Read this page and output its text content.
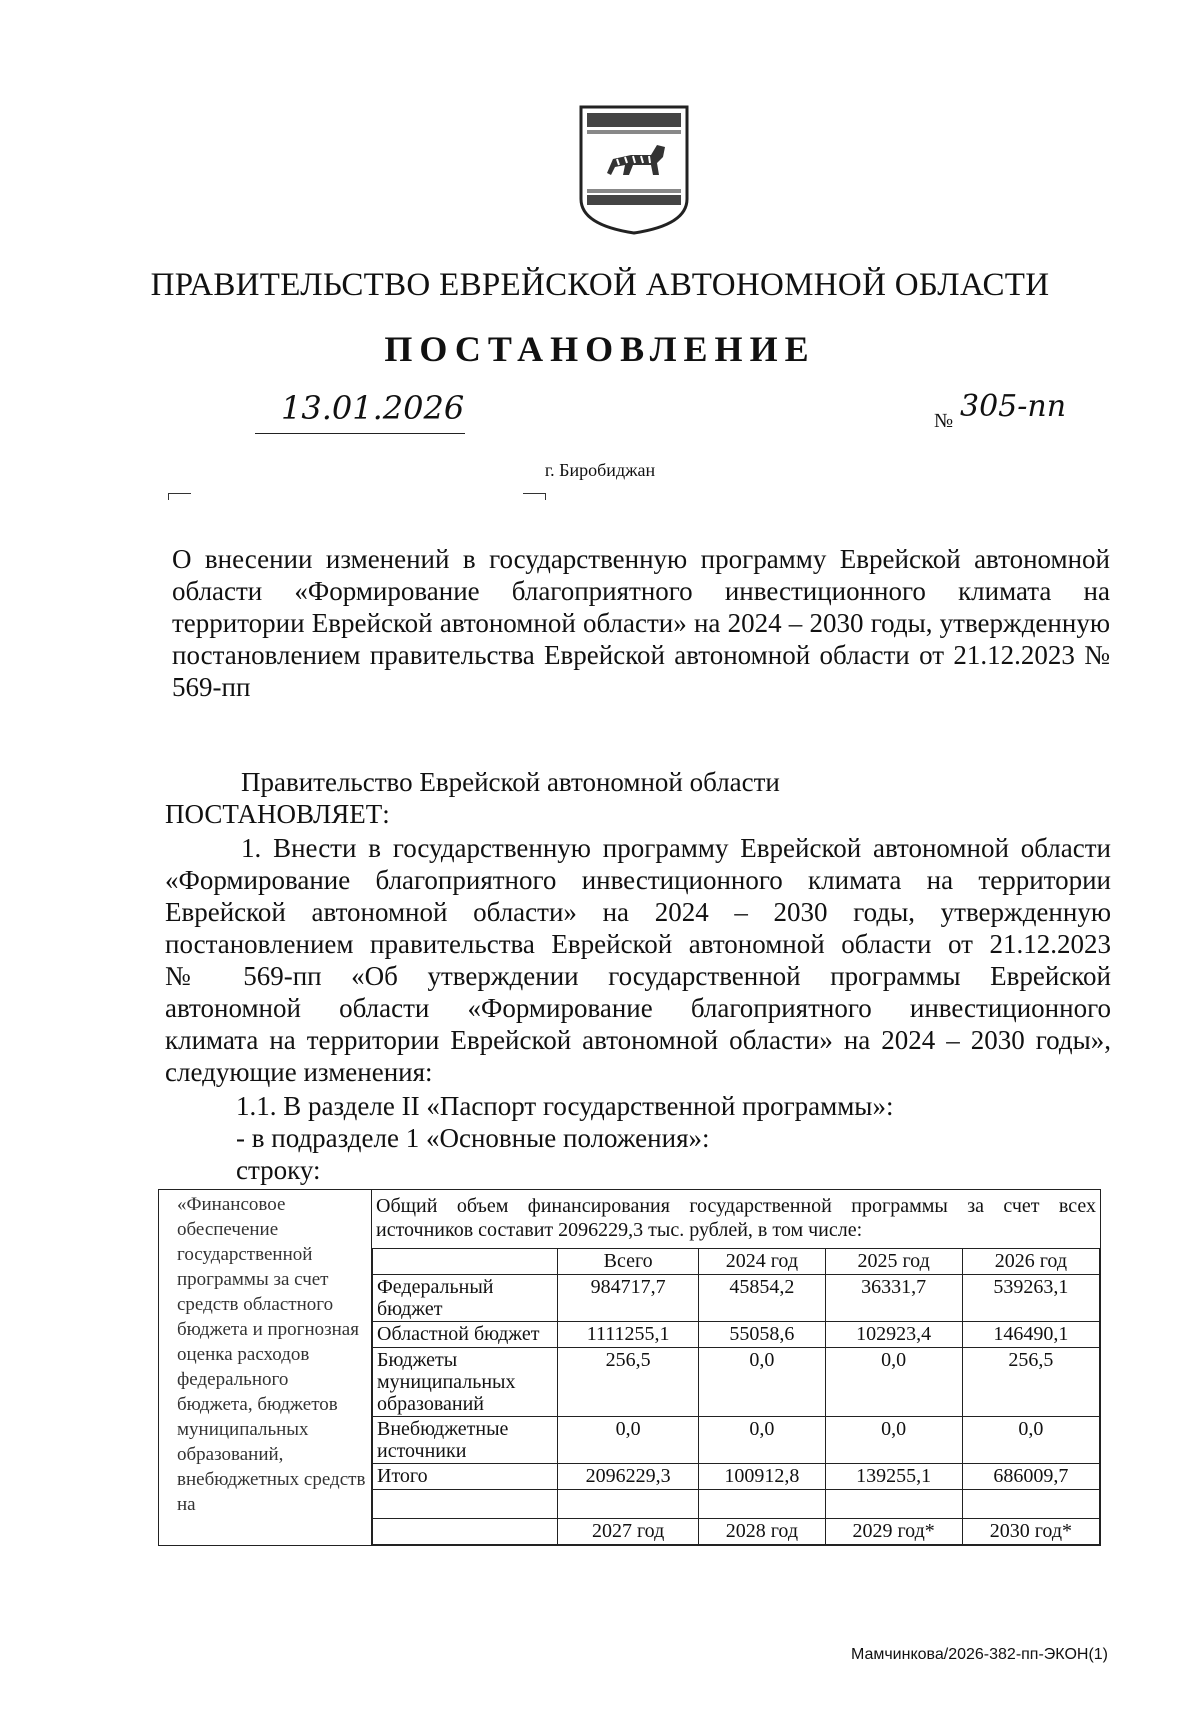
ПРАВИТЕЛЬСТВО ЕВРЕЙСКОЙ АВТОНОМНОЙ ОБЛАСТИ
ПОСТАНОВЛЕНИЕ
13.01.2026	№ 305-пп
г. Биробиджан
О внесении изменений в государственную программу Еврейской автономной области «Формирование благоприятного инвестиционного климата на территории Еврейской автономной области» на 2024 – 2030 годы, утвержденную постановлением правительства Еврейской автономной области от 21.12.2023 № 569-пп
Правительство Еврейской автономной области
ПОСТАНОВЛЯЕТ:
1. Внести в государственную программу Еврейской автономной области
«Формирование благоприятного инвестиционного климата на территории
Еврейской автономной области» на 2024 – 2030 годы, утвержденную
постановлением правительства Еврейской автономной области от 21.12.2023
№ 569-пп «Об утверждении государственной программы Еврейской
автономной области «Формирование благоприятного инвестиционного
климата на территории Еврейской автономной области» на 2024 – 2030 годы»,
следующие изменения:
1.1. В разделе II «Паспорт государственной программы»:
- в подразделе 1 «Основные положения»:
строку:
«Финансовое обеспечение государственной программы за счет средств областного бюджета и прогнозная оценка расходов федерального бюджета, бюджетов муниципальных образований, внебюджетных средств на	
Общий объем финансирования государственной программы за счет всех источников составит 2096229,3 тыс. рублей, в том числе:
	Всего	2024 год	2025 год	2026 год
Федеральный бюджет	984717,7	45854,2	36331,7	539263,1
Областной бюджет	1111255,1	55058,6	102923,4	146490,1
Бюджеты муниципальных образований	256,5	0,0	0,0	256,5
Внебюджетные источники	0,0	0,0	0,0	0,0
Итого	2096229,3	100912,8	139255,1	686009,7

	2027 год	2028 год	2029 год*	2030 год*
Мамчинкова/2026-382-пп-ЭКОН(1)
